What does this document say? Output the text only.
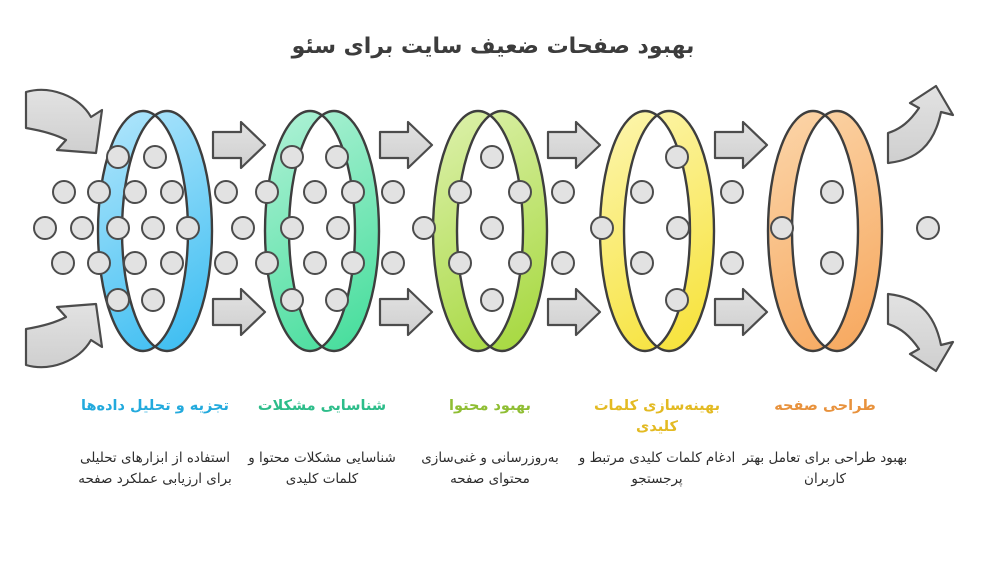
بهبود صفحات ضعیف سایت برای سئو
تجزیه و تحلیل داده‌ها
استفاده از ابزارهای تحلیلی برای ارزیابی عملکرد صفحه
شناسایی مشکلات
شناسایی مشکلات محتوا و کلمات کلیدی
بهبود محتوا
به‌روزرسانی و غنی‌سازی محتوای صفحه
بهینه‌سازی کلمات کلیدی
ادغام کلمات کلیدی مرتبط و پرجستجو
طراحی صفحه
بهبود طراحی برای تعامل بهتر کاربران
